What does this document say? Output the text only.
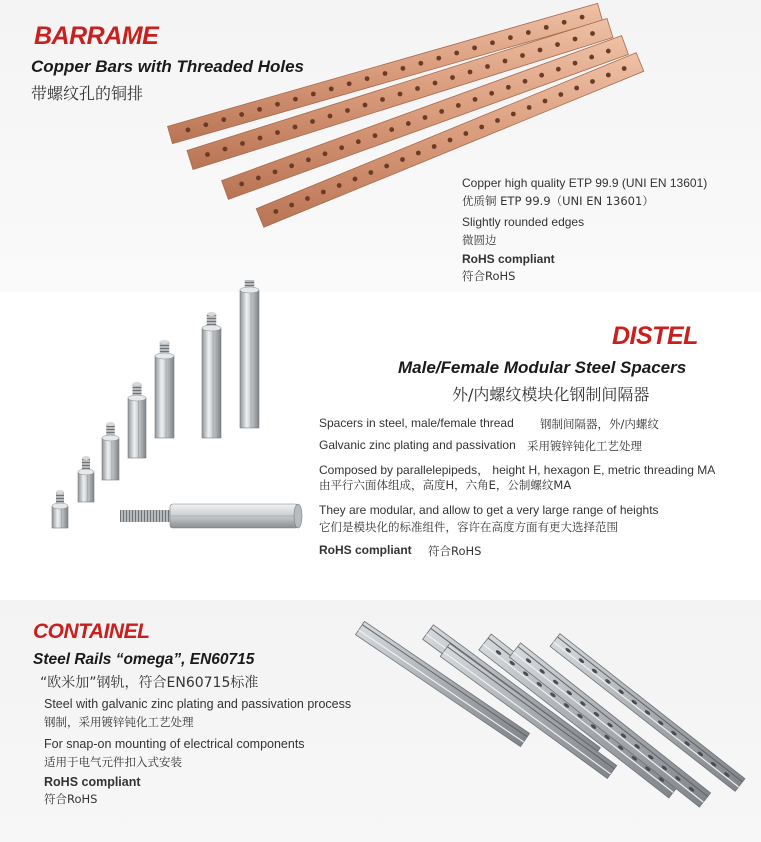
BARRAME
Copper Bars with Threaded Holes
带螺纹孔的铜排
Copper high quality ETP 99.9 (UNI EN 13601)
优质铜 ETP 99.9（UNI EN 13601）
Slightly rounded edges
微圆边
RoHS compliant
符合RoHS
DISTEL
Male/Female Modular Steel Spacers
外/内螺纹模块化钢制间隔器
Spacers in steel, male/female thread 钢制间隔器，外/内螺纹
Galvanic zinc plating and passivation 采用镀锌钝化工艺处理
Composed by parallelepipeds， height H, hexagon E, metric threading MA
由平行六面体组成，高度H，六角E，公制螺纹MA
They are modular, and allow to get a very large range of heights
它们是模块化的标准组件，容许在高度方面有更大选择范围
RoHS compliant 符合RoHS
CONTAINEL
Steel Rails “omega”, EN60715
“欧米加”钢轨，符合EN60715标准
Steel with galvanic zinc plating and passivation process
钢制，采用镀锌钝化工艺处理
For snap-on mounting of electrical components
适用于电气元件扣入式安装
RoHS compliant
符合RoHS
